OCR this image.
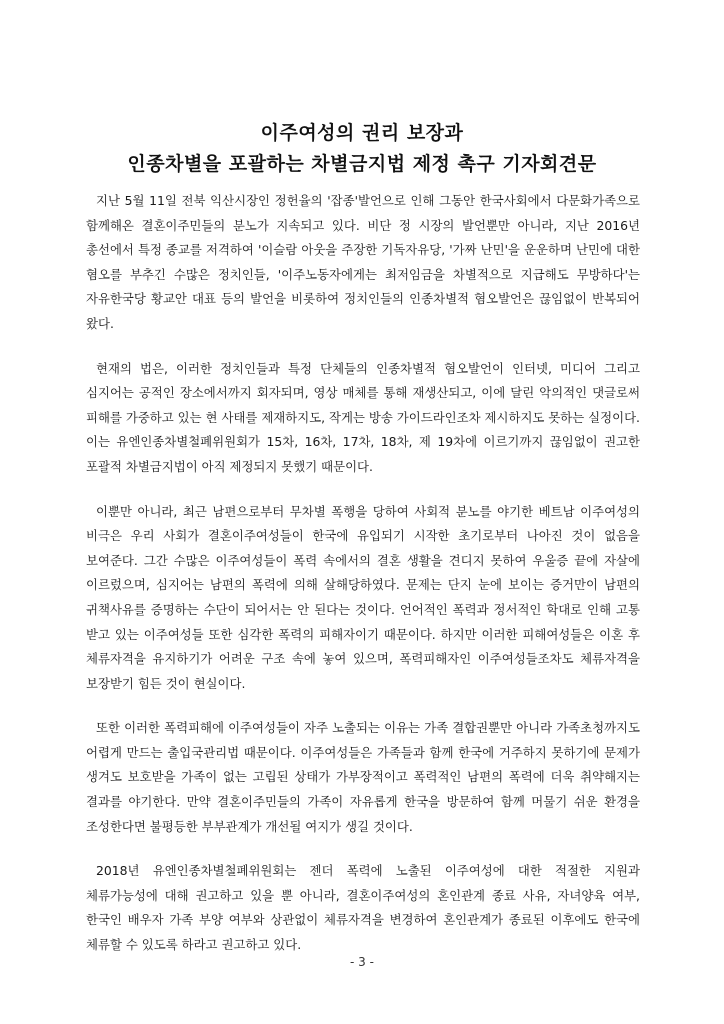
이주여성의 권리 보장과
인종차별을 포괄하는 차별금지법 제정 촉구 기자회견문

지난 5월 11일 전북 익산시장인 정헌율의 '잡종'발언으로 인해 그동안 한국사회에서 다문화가족으로 함께해온 결혼이주민들의 분노가 지속되고 있다. 비단 정 시장의 발언뿐만 아니라, 지난 2016년 총선에서 특정 종교를 저격하여 '이슬람 아웃을 주장한 기독자유당, '가짜 난민'을 운운하며 난민에 대한 혐오를 부추긴 수많은 정치인들, '이주노동자에게는 최저임금을 차별적으로 지급해도 무방하다'는 자유한국당 황교안 대표 등의 발언을 비롯하여 정치인들의 인종차별적 혐오발언은 끊임없이 반복되어 왔다.

현재의 법은, 이러한 정치인들과 특정 단체들의 인종차별적 혐오발언이 인터넷, 미디어 그리고 심지어는 공적인 장소에서까지 회자되며, 영상 매체를 통해 재생산되고, 이에 달린 악의적인 댓글로써 피해를 가중하고 있는 현 사태를 제재하지도, 작게는 방송 가이드라인조차 제시하지도 못하는 실정이다. 이는 유엔인종차별철폐위원회가 15차, 16차, 17차, 18차, 제 19차에 이르기까지 끊임없이 권고한 포괄적 차별금지법이 아직 제정되지 못했기 때문이다.

이뿐만 아니라, 최근 남편으로부터 무차별 폭행을 당하여 사회적 분노를 야기한 베트남 이주여성의 비극은 우리 사회가 결혼이주여성들이 한국에 유입되기 시작한 초기로부터 나아진 것이 없음을 보여준다. 그간 수많은 이주여성들이 폭력 속에서의 결혼 생활을 견디지 못하여 우울증 끝에 자살에 이르렀으며, 심지어는 남편의 폭력에 의해 살해당하였다. 문제는 단지 눈에 보이는 증거만이 남편의 귀책사유를 증명하는 수단이 되어서는 안 된다는 것이다. 언어적인 폭력과 정서적인 학대로 인해 고통 받고 있는 이주여성들 또한 심각한 폭력의 피해자이기 때문이다. 하지만 이러한 피해여성들은 이혼 후 체류자격을 유지하기가 어려운 구조 속에 놓여 있으며, 폭력피해자인 이주여성들조차도 체류자격을 보장받기 힘든 것이 현실이다.

또한 이러한 폭력피해에 이주여성들이 자주 노출되는 이유는 가족 결합권뿐만 아니라 가족초청까지도 어렵게 만드는 출입국관리법 때문이다. 이주여성들은 가족들과 함께 한국에 거주하지 못하기에 문제가 생겨도 보호받을 가족이 없는 고립된 상태가 가부장적이고 폭력적인 남편의 폭력에 더욱 취약해지는 결과를 야기한다. 만약 결혼이주민들의 가족이 자유롭게 한국을 방문하여 함께 머물기 쉬운 환경을 조성한다면 불평등한 부부관계가 개선될 여지가 생길 것이다.

2018년 유엔인종차별철폐위원회는 젠더 폭력에 노출된 이주여성에 대한 적절한 지원과 체류가능성에 대해 권고하고 있을 뿐 아니라, 결혼이주여성의 혼인관계 종료 사유, 자녀양육 여부, 한국인 배우자 가족 부양 여부와 상관없이 체류자격을 변경하여 혼인관계가 종료된 이후에도 한국에 체류할 수 있도록 하라고 권고하고 있다.

- 3 -
